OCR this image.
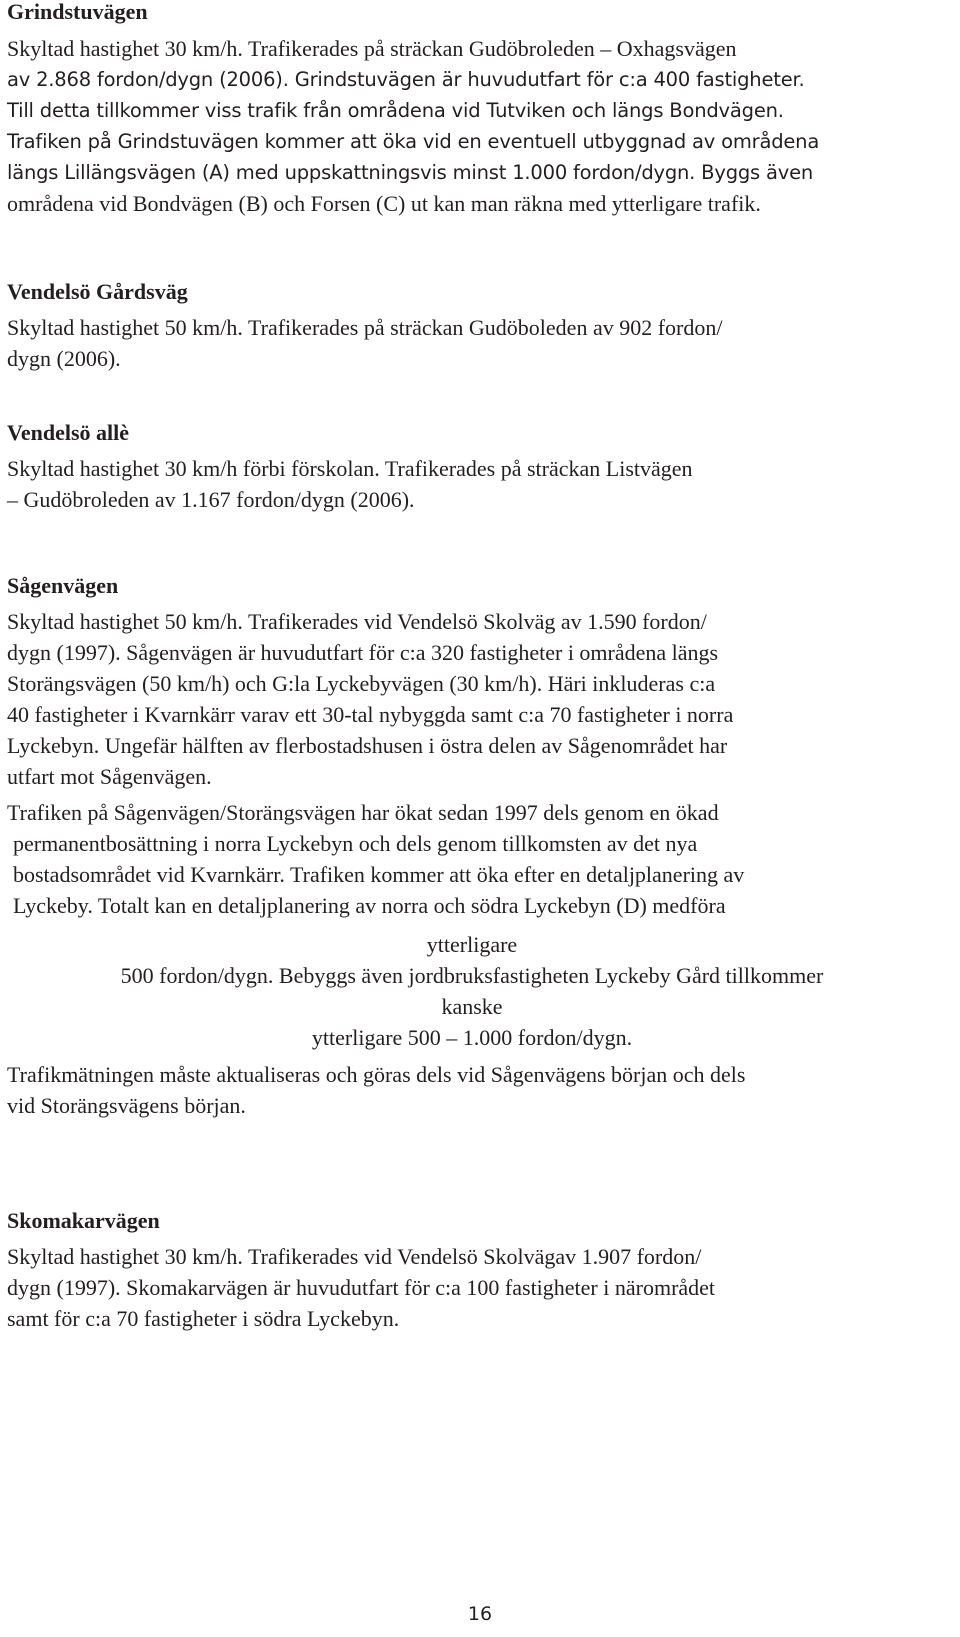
Grindstuvägen
Skyltad hastighet 30 km/h. Trafikerades på sträckan Gudöbroleden – Oxhagsvägen
av 2.868 fordon/dygn (2006). Grindstuvägen är huvudutfart för c:a 400 fastigheter.
Till detta tillkommer viss trafik från områdena vid Tutviken och längs Bondvägen.
Trafiken på Grindstuvägen kommer att öka vid en eventuell utbyggnad av områdena
längs Lillängsvägen (A) med uppskattningsvis minst 1.000 fordon/dygn. Byggs även
områdena vid Bondvägen (B) och Forsen (C) ut kan man räkna med ytterligare trafik.
Vendelsö Gårdsväg
Skyltad hastighet 50 km/h. Trafikerades på sträckan Gudöboleden av 902 fordon/
dygn (2006).
Vendelsö allè
Skyltad hastighet 30 km/h förbi förskolan. Trafikerades på sträckan Listvägen
– Gudöbroleden av 1.167 fordon/dygn (2006).
Sågenvägen
Skyltad hastighet 50 km/h. Trafikerades vid Vendelsö Skolväg av 1.590 fordon/
dygn (1997). Sågenvägen är huvudutfart för c:a 320 fastigheter i områdena längs
Storängsvägen (50 km/h) och G:la Lyckebyvägen (30 km/h). Häri inkluderas c:a
40 fastigheter i Kvarnkärr varav ett 30-tal nybyggda samt c:a 70 fastigheter i norra
Lyckebyn. Ungefär hälften av flerbostadshusen i östra delen av Sågenområdet har
utfart mot Sågenvägen.
Trafiken på Sågenvägen/Storängsvägen har ökat sedan 1997 dels genom en ökad
permanentbosättning i norra Lyckebyn och dels genom tillkomsten av det nya
bostadsområdet vid Kvarnkärr. Trafiken kommer att öka efter en detaljplanering av
Lyckeby. Totalt kan en detaljplanering av norra och södra Lyckebyn (D) medföra
ytterligare
500 fordon/dygn. Bebyggs även jordbruksfastigheten Lyckeby Gård tillkommer
kanske
ytterligare 500 – 1.000 fordon/dygn.
Trafikmätningen måste aktualiseras och göras dels vid Sågenvägens början och dels
vid Storängsvägens början.
Skomakarvägen
Skyltad hastighet 30 km/h. Trafikerades vid Vendelsö Skolvägav 1.907 fordon/
dygn (1997). Skomakarvägen är huvudutfart för c:a 100 fastigheter i närområdet
samt för c:a 70 fastigheter i södra Lyckebyn.
16
